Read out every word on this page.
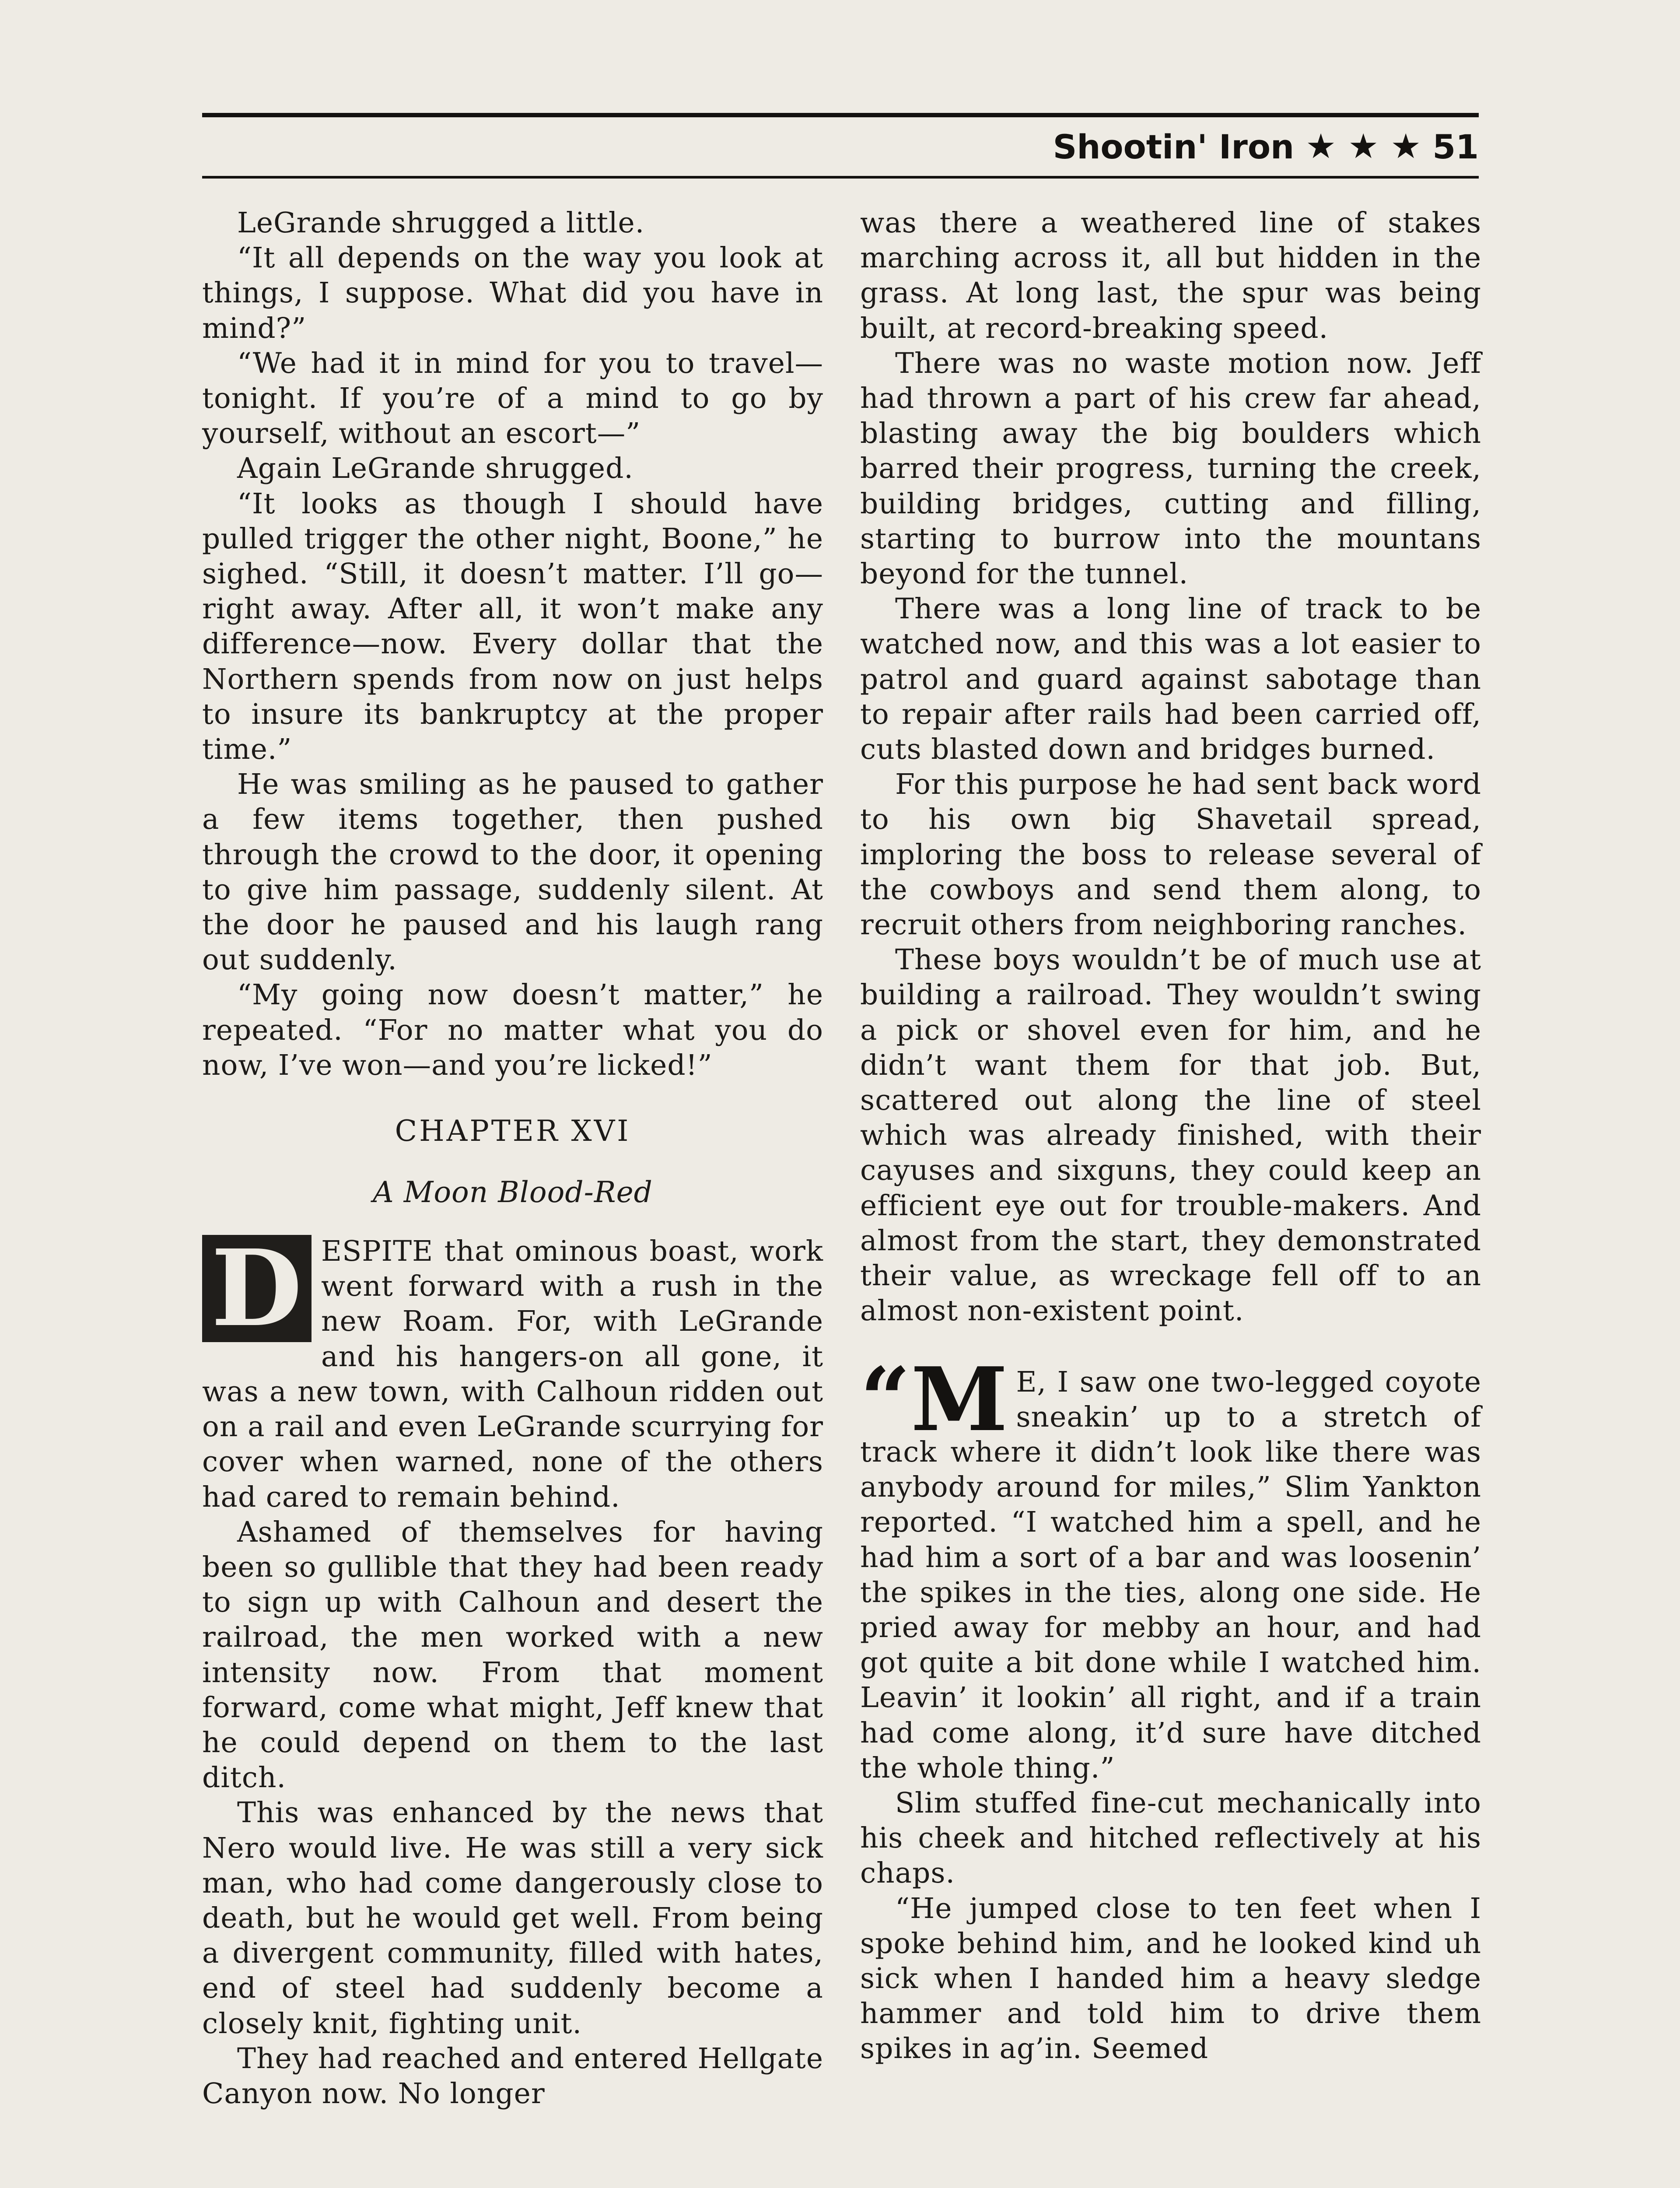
Shootin' Iron ★ ★ ★ 51

LeGrande shrugged a little.

“It all depends on the way you look at things, I suppose. What did you have in mind?”

“We had it in mind for you to travel—tonight. If you’re of a mind to go by yourself, without an escort—”

Again LeGrande shrugged.

“It looks as though I should have pulled trigger the other night, Boone,” he sighed. “Still, it doesn’t matter. I’ll go—right away. After all, it won’t make any difference—now. Every dollar that the Northern spends from now on just helps to insure its bankruptcy at the proper time.”

He was smiling as he paused to gather a few items together, then pushed through the crowd to the door, it opening to give him passage, suddenly silent. At the door he paused and his laugh rang out suddenly.

“My going now doesn’t matter,” he repeated. “For no matter what you do now, I’ve won—and you’re licked!”

CHAPTER XVI
A Moon Blood-Red

D ESPITE that ominous boast, work went forward with a rush in the new Roam. For, with LeGrande and his hangers-on all gone, it was a new town, with Calhoun ridden out on a rail and even LeGrande scurrying for cover when warned, none of the others had cared to remain behind.

Ashamed of themselves for having been so gullible that they had been ready to sign up with Calhoun and desert the railroad, the men worked with a new intensity now. From that moment forward, come what might, Jeff knew that he could depend on them to the last ditch.

This was enhanced by the news that Nero would live. He was still a very sick man, who had come dangerously close to death, but he would get well. From being a divergent community, filled with hates, end of steel had suddenly become a closely knit, fighting unit.

They had reached and entered Hellgate Canyon now. No longer

was there a weathered line of stakes marching across it, all but hidden in the grass. At long last, the spur was being built, at record-breaking speed.

There was no waste motion now. Jeff had thrown a part of his crew far ahead, blasting away the big boulders which barred their progress, turning the creek, building bridges, cutting and filling, starting to burrow into the mountans beyond for the tunnel.

There was a long line of track to be watched now, and this was a lot easier to patrol and guard against sabotage than to repair after rails had been carried off, cuts blasted down and bridges burned.

For this purpose he had sent back word to his own big Shavetail spread, imploring the boss to release several of the cowboys and send them along, to recruit others from neighboring ranches.

These boys wouldn’t be of much use at building a railroad. They wouldn’t swing a pick or shovel even for him, and he didn’t want them for that job. But, scattered out along the line of steel which was already finished, with their cayuses and sixguns, they could keep an efficient eye out for trouble-makers. And almost from the start, they demonstrated their value, as wreckage fell off to an almost non-existent point.

“M E, I saw one two-legged coyote sneakin’ up to a stretch of track where it didn’t look like there was anybody around for miles,” Slim Yankton reported. “I watched him a spell, and he had him a sort of a bar and was loosenin’ the spikes in the ties, along one side. He pried away for mebby an hour, and had got quite a bit done while I watched him. Leavin’ it lookin’ all right, and if a train had come along, it’d sure have ditched the whole thing.”

Slim stuffed fine-cut mechanically into his cheek and hitched reflectively at his chaps.

“He jumped close to ten feet when I spoke behind him, and he looked kind uh sick when I handed him a heavy sledge hammer and told him to drive them spikes in ag’in. Seemed
